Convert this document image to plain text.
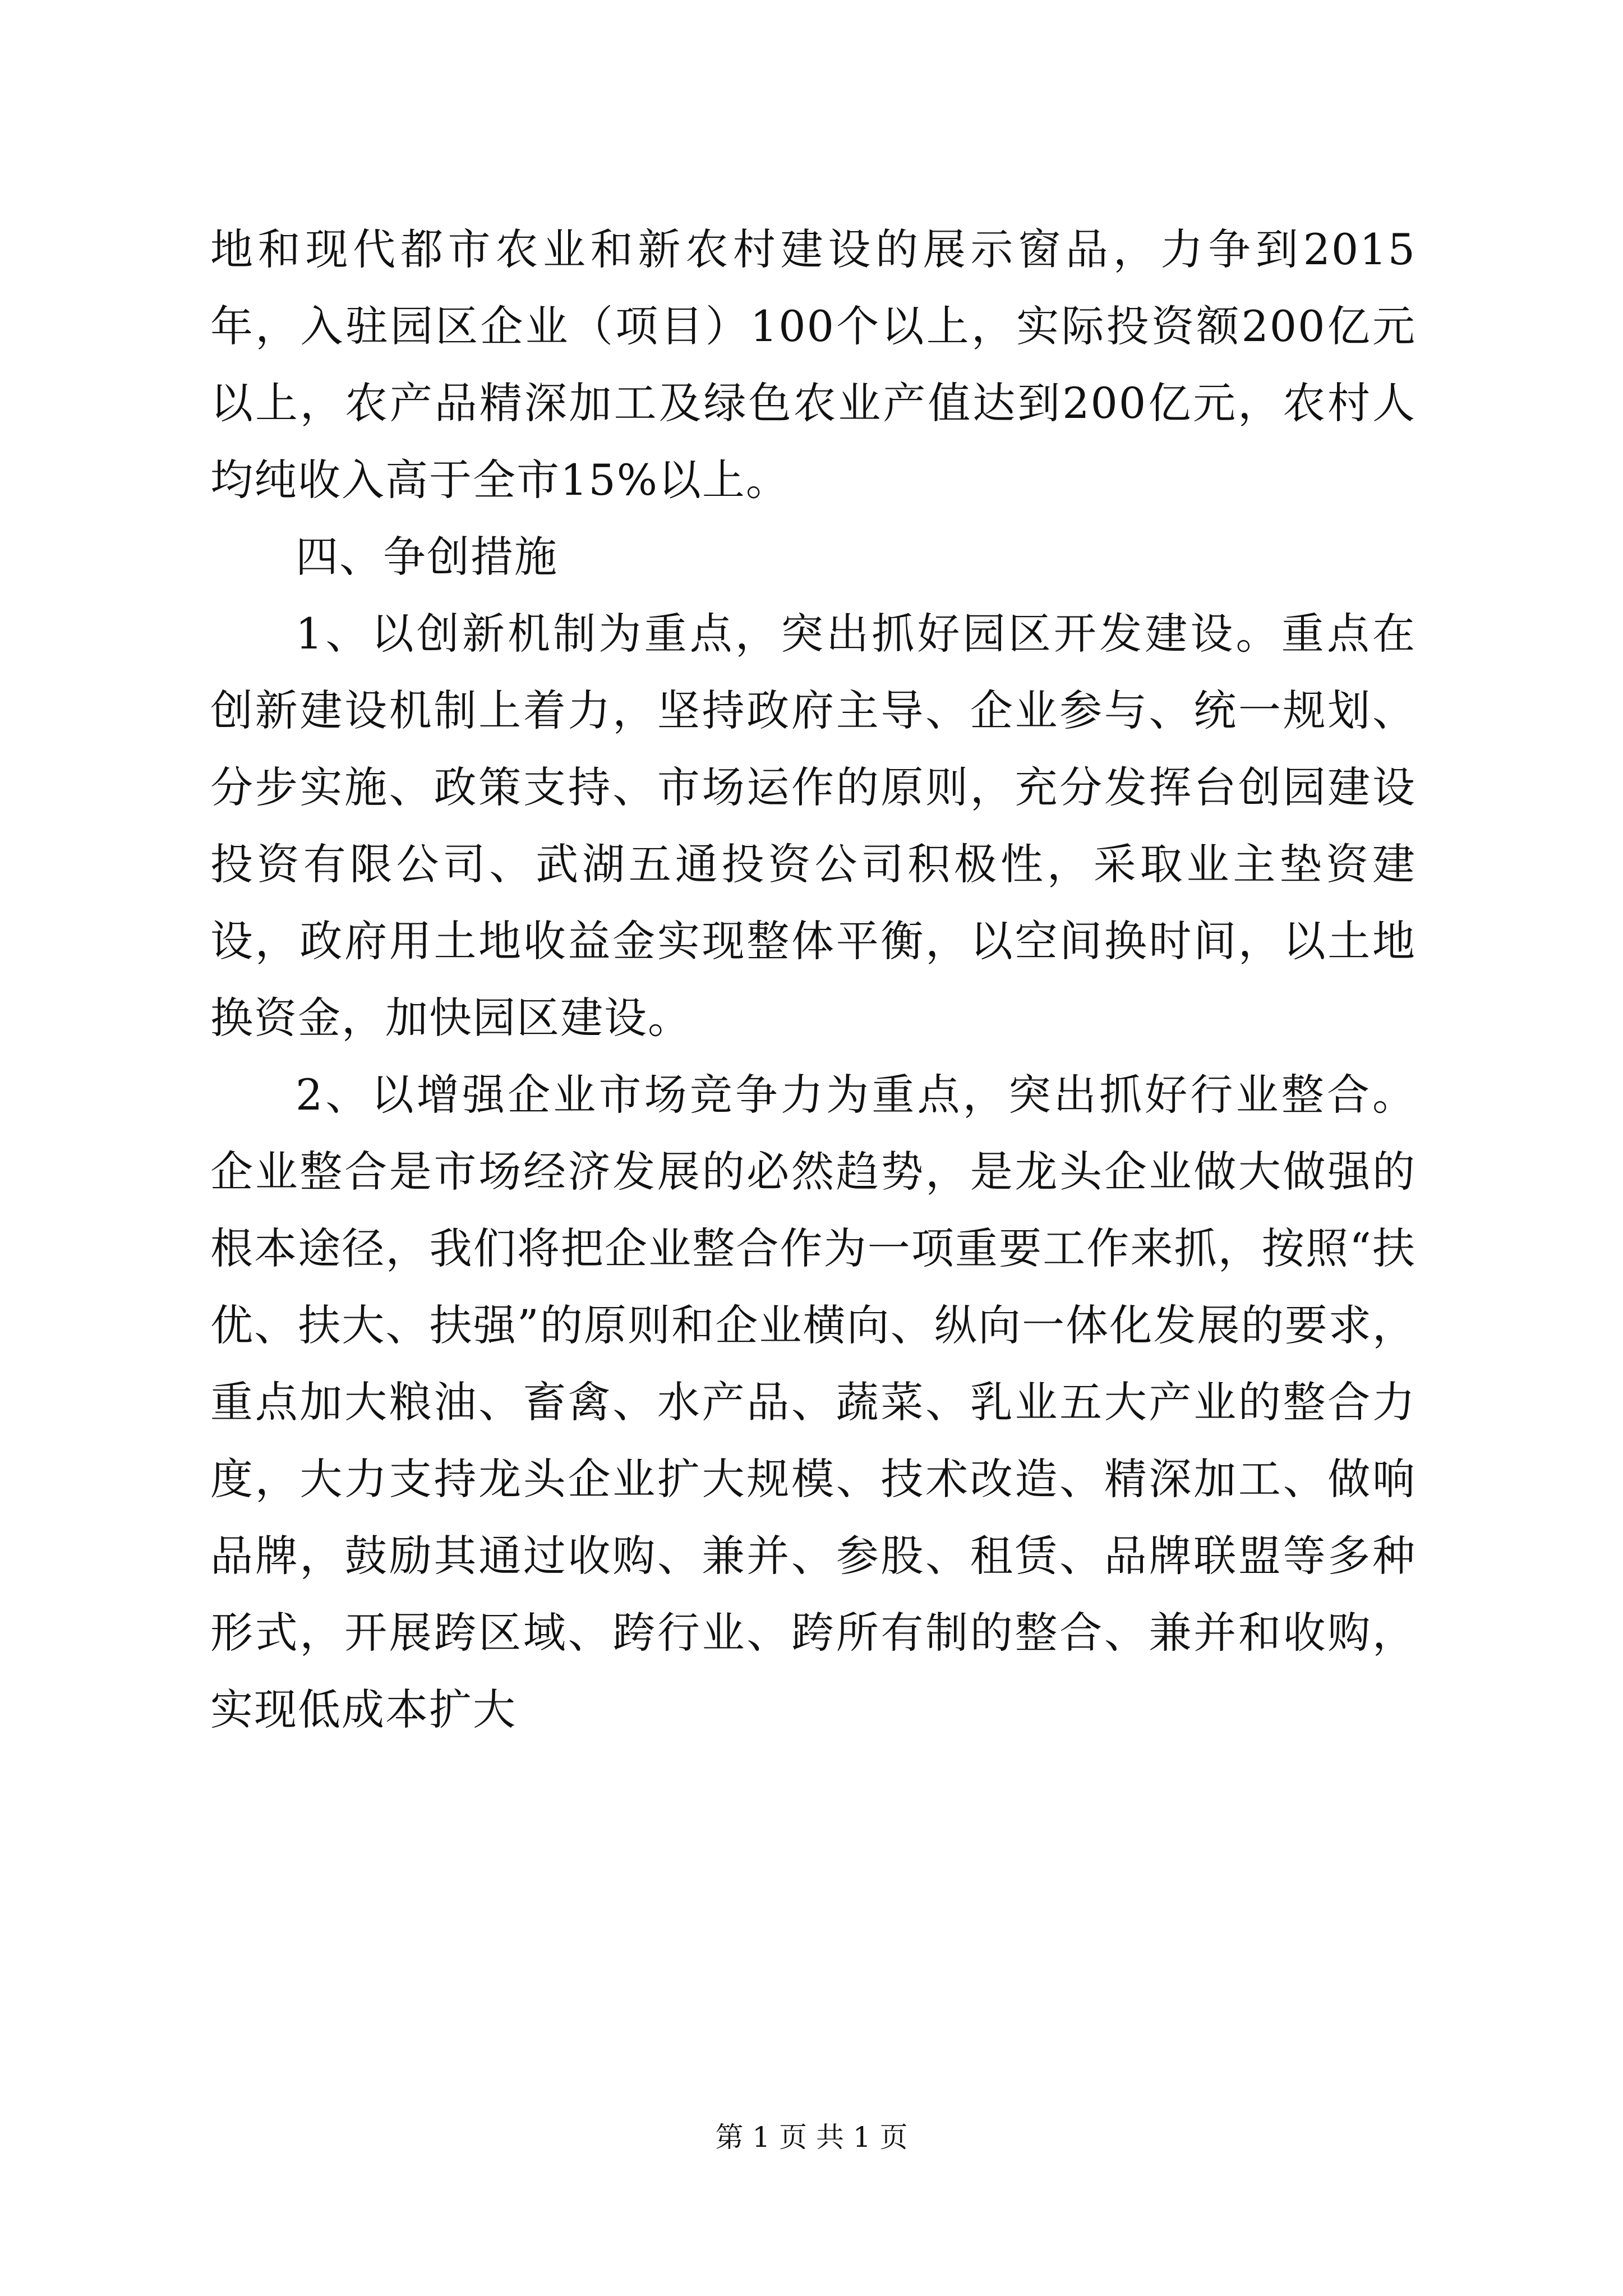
地和现代都市农业和新农村建设的展示窗品，力争到2015年，入驻园区企业（项目）100个以上，实际投资额200亿元以上，农产品精深加工及绿色农业产值达到200亿元，农村人均纯收入高于全市15%以上。

四、争创措施

1、以创新机制为重点，突出抓好园区开发建设。重点在创新建设机制上着力，坚持政府主导、企业参与、统一规划、分步实施、政策支持、市场运作的原则，充分发挥台创园建设投资有限公司、武湖五通投资公司积极性，采取业主垫资建设，政府用土地收益金实现整体平衡，以空间换时间，以土地换资金，加快园区建设。

2、以增强企业市场竞争力为重点，突出抓好行业整合。企业整合是市场经济发展的必然趋势，是龙头企业做大做强的根本途径，我们将把企业整合作为一项重要工作来抓，按照“扶优、扶大、扶强”的原则和企业横向、纵向一体化发展的要求，重点加大粮油、畜禽、水产品、蔬菜、乳业五大产业的整合力度，大力支持龙头企业扩大规模、技术改造、精深加工、做响品牌，鼓励其通过收购、兼并、参股、租赁、品牌联盟等多种形式，开展跨区域、跨行业、跨所有制的整合、兼并和收购，实现低成本扩大

第 1 页 共 1 页
